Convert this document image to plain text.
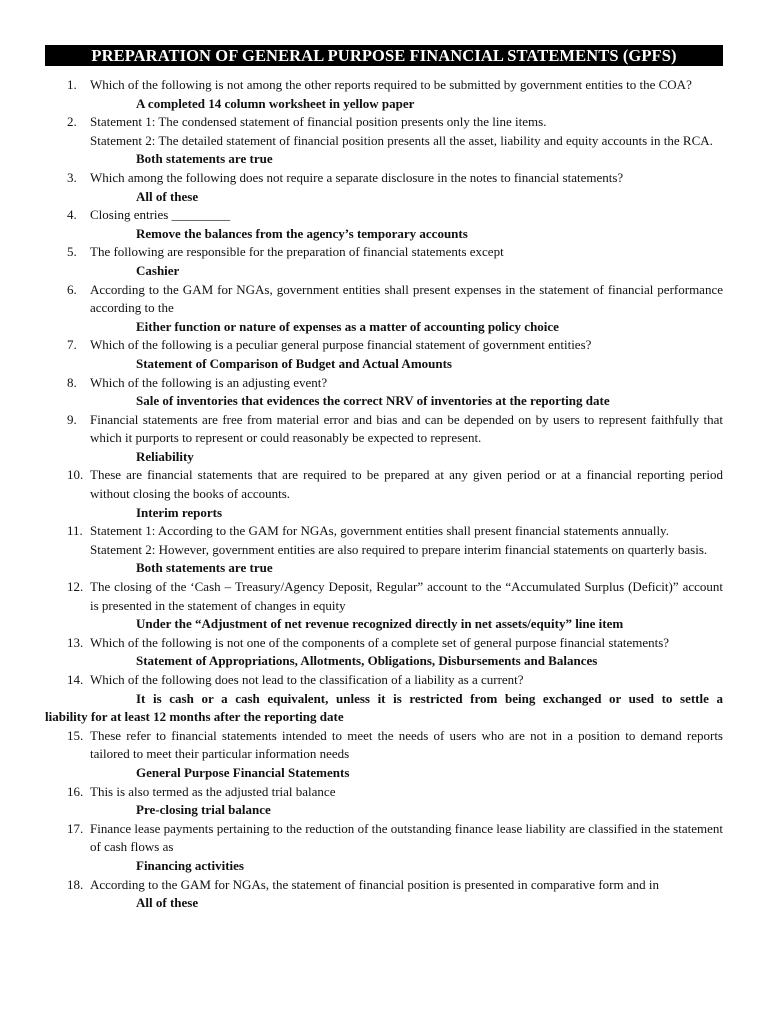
PREPARATION OF GENERAL PURPOSE FINANCIAL STATEMENTS (GPFS)
1.	Which of the following is not among the other reports required to be submitted by government entities to the COA?
A completed 14 column worksheet in yellow paper
2.	Statement 1: The condensed statement of financial position presents only the line items.
Statement 2: The detailed statement of financial position presents all the asset, liability and equity accounts in the RCA.
Both statements are true
3.	Which among the following does not require a separate disclosure in the notes to financial statements?
All of these
4.	Closing entries _________
Remove the balances from the agency’s temporary accounts
5.	The following are responsible for the preparation of financial statements except
Cashier
6.	According to the GAM for NGAs, government entities shall present expenses in the statement of financial performance according to the
Either function or nature of expenses as a matter of accounting policy choice
7.	Which of the following is a peculiar general purpose financial statement of government entities?
Statement of Comparison of Budget and Actual Amounts
8.	Which of the following is an adjusting event?
Sale of inventories that evidences the correct NRV of inventories at the reporting date
9.	Financial statements are free from material error and bias and can be depended on by users to represent faithfully that which it purports to represent or could reasonably be expected to represent.
Reliability
10. These are financial statements that are required to be prepared at any given period or at a financial reporting period without closing the books of accounts.
Interim reports
11. Statement 1: According to the GAM for NGAs, government entities shall present financial statements annually.
Statement 2: However, government entities are also required to prepare interim financial statements on quarterly basis.
Both statements are true
12. The closing of the ‘Cash – Treasury/Agency Deposit, Regular” account to the “Accumulated Surplus (Deficit)” account is presented in the statement of changes in equity
Under the “Adjustment of net revenue recognized directly in net assets/equity” line item
13. Which of the following is not one of the components of a complete set of general purpose financial statements?
Statement of Appropriations, Allotments, Obligations, Disbursements and Balances
14. Which of the following does not lead to the classification of a liability as a current?
It is cash or a cash equivalent, unless it is restricted from being exchanged or used to settle a
liability for at least 12 months after the reporting date
15. These refer to financial statements intended to meet the needs of users who are not in a position to demand reports tailored to meet their particular information needs
General Purpose Financial Statements
16. This is also termed as the adjusted trial balance
Pre-closing trial balance
17. Finance lease payments pertaining to the reduction of the outstanding finance lease liability are classified in the statement of cash flows as
Financing activities
18. According to the GAM for NGAs, the statement of financial position is presented in comparative form and in
All of these
